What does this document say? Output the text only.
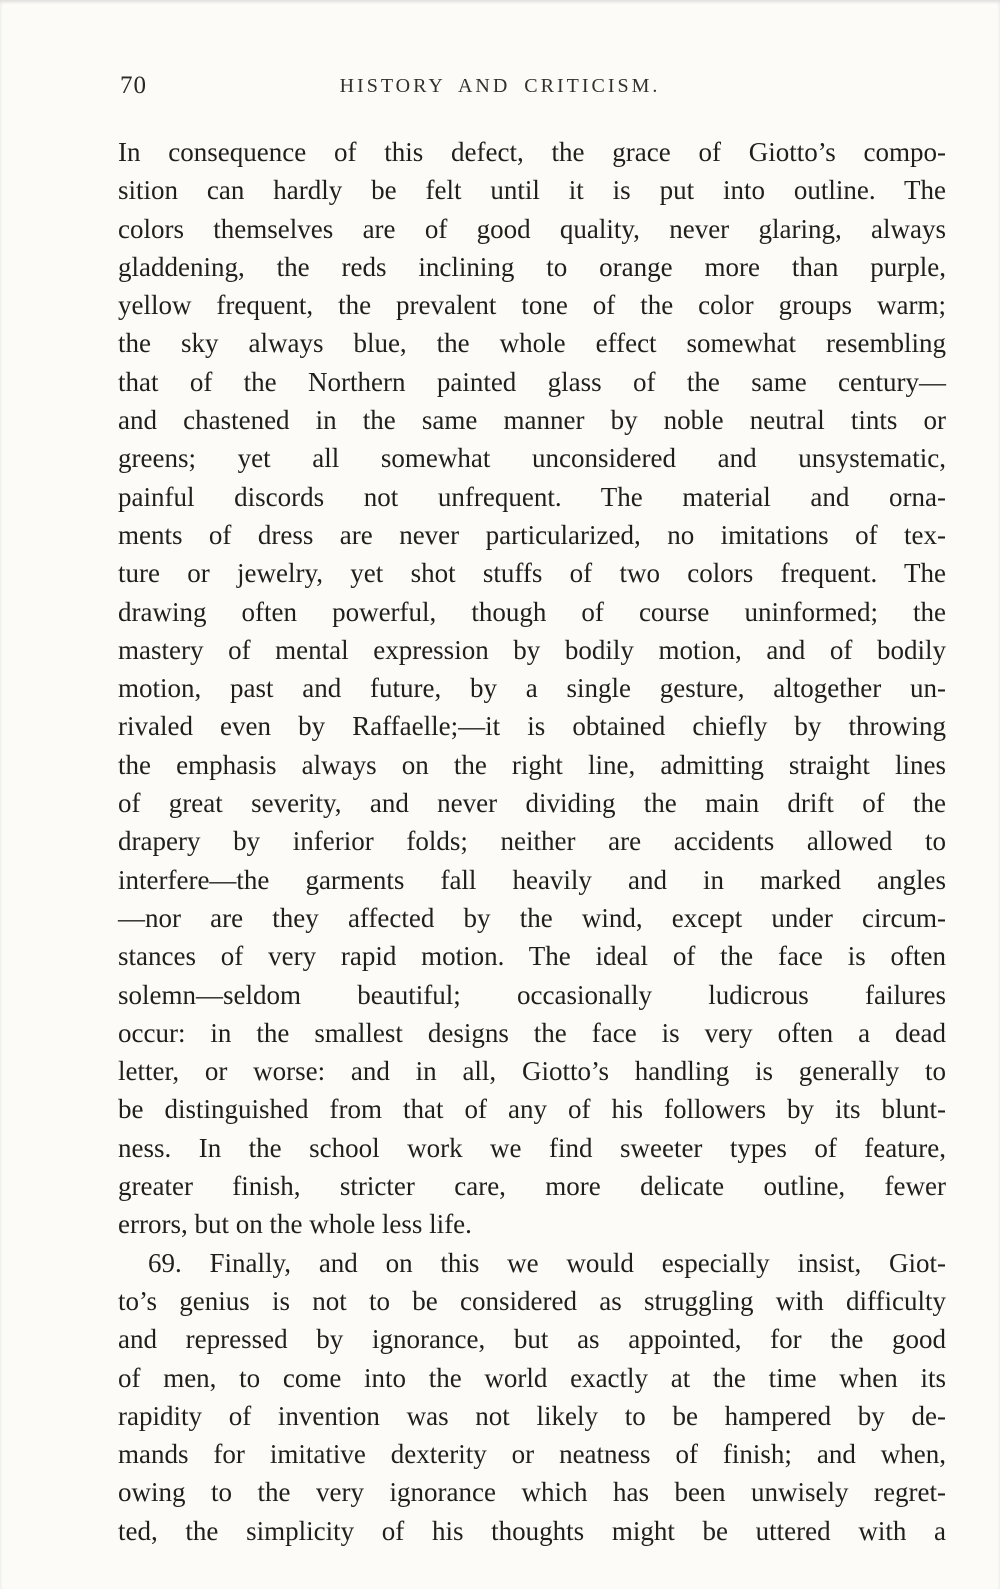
70	HISTORY AND CRITICISM.
In consequence of this defect, the grace of Giotto’s compo-
sition can hardly be felt until it is put into outline. The
colors themselves are of good quality, never glaring, always
gladdening, the reds inclining to orange more than purple,
yellow frequent, the prevalent tone of the color groups warm;
the sky always blue, the whole effect somewhat resembling
that of the Northern painted glass of the same century—
and chastened in the same manner by noble neutral tints or
greens; yet all somewhat unconsidered and unsystematic,
painful discords not unfrequent. The material and orna-
ments of dress are never particularized, no imitations of tex-
ture or jewelry, yet shot stuffs of two colors frequent. The
drawing often powerful, though of course uninformed; the
mastery of mental expression by bodily motion, and of bodily
motion, past and future, by a single gesture, altogether un-
rivaled even by Raffaelle;—it is obtained chiefly by throwing
the emphasis always on the right line, admitting straight lines
of great severity, and never dividing the main drift of the
drapery by inferior folds; neither are accidents allowed to
interfere—the garments fall heavily and in marked angles
—nor are they affected by the wind, except under circum-
stances of very rapid motion. The ideal of the face is often
solemn—seldom beautiful; occasionally ludicrous failures
occur: in the smallest designs the face is very often a dead
letter, or worse: and in all, Giotto’s handling is generally to
be distinguished from that of any of his followers by its blunt-
ness. In the school work we find sweeter types of feature,
greater finish, stricter care, more delicate outline, fewer
errors, but on the whole less life.
69. Finally, and on this we would especially insist, Giot-
to’s genius is not to be considered as struggling with difficulty
and repressed by ignorance, but as appointed, for the good
of men, to come into the world exactly at the time when its
rapidity of invention was not likely to be hampered by de-
mands for imitative dexterity or neatness of finish; and when,
owing to the very ignorance which has been unwisely regret-
ted, the simplicity of his thoughts might be uttered with a
